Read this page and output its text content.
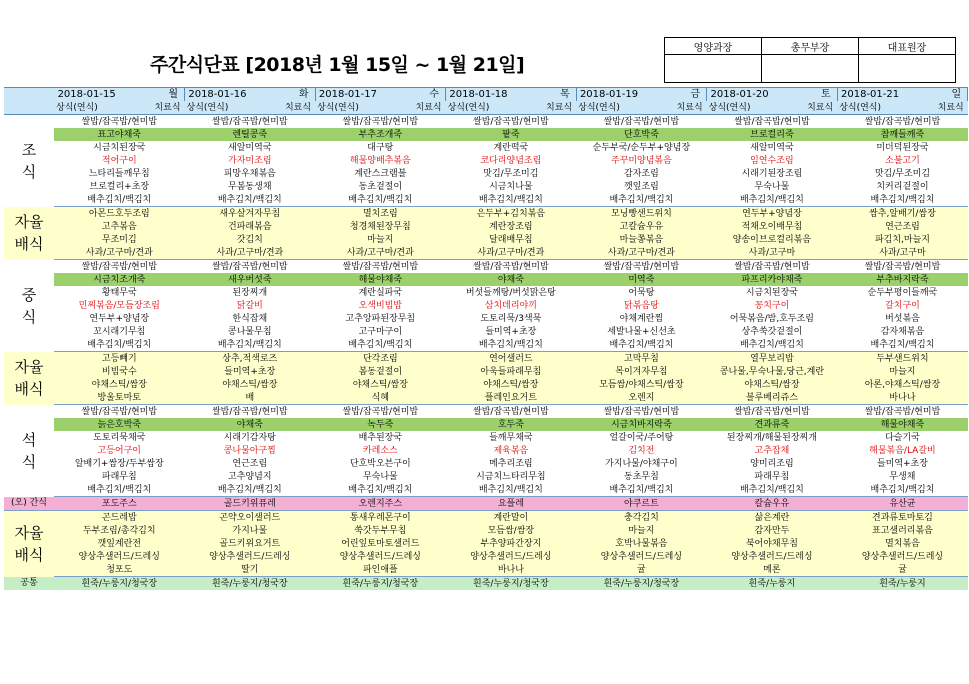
주간식단표 [2018년 1월 15일 ~ 1월 21일]
영양과장	총무부장	대표원장

	2018-01-15	월	2018-01-16	화	2018-01-17	수	2018-01-18	목	2018-01-19	금	2018-01-20	토	2018-01-21	일
	상식(연식)	치료식	상식(연식)	치료식	상식(연식)	치료식	상식(연식)	치료식	상식(연식)	치료식	상식(연식)	치료식	상식(연식)	치료식
조
식	쌀밥/잡곡밥/현미밥		쌀밥/잡곡밥/현미밥		쌀밥/잡곡밥/현미밥		쌀밥/잡곡밥/현미밥		쌀밥/잡곡밥/현미밥		쌀밥/잡곡밥/현미밥		쌀밥/잡곡밥/현미밥	
	표고야채죽		렌틸콩죽		부추조개죽		팥죽		단호박죽		브로컬리죽		참깨들깨죽	
	시금치된장국		새알미역국		대구탕		계란떡국		순두부국/순두부+양념장		새알미역국		미더덕된장국	
	적어구이		가자미조림		해물양배추볶음		코다리양념조림		주꾸미양념볶음		임연수조림		소불고기	
	느타리들깨무침		피망우채볶음		계란스크램블		맛김/무조미김		감자조림		시래기된장조림		맛김/무조미김	
	브로컬리+초장		무봄동생채		동초겉절이		시금치나물		깻잎조림		무숙나물		치커리겉절이	
	배추김치/백김치		배추김치/백김치		배추김치/백김치		배추김치/백김치		배추김치/백김치		배추김치/백김치		배추김치/백김치	
자율
배식	아몬드호두조림		새우살겨자무침		멸치조림		은두부+김치볶음		모닝빵샌드위치		연두부+양념장		쌈추,알배기/쌈장	
	고추볶음		건파래볶음		청경채된장무침		계란장조림		고칼슘우유		적채오이배무침		연근조림	
	무조미김		갓김치		마늘지		달래배무침		마늘쫑볶음		양송이브로컬리볶음		파김치,마늘지	
	사과/고구마/견과		사과/고구마/견과		사과/고구마/견과		사과/고구마/견과		사과/고구마/견과		사과/고구마		사과/고구마	
중
식	쌀밥/잡곡밥/현미밥		쌀밥/잡곡밥/현미밥		쌀밥/잡곡밥/현미밥		쌀밥/잡곡밥/현미밥		쌀밥/잡곡밥/현미밥		쌀밥/잡곡밥/현미밥		쌀밥/잡곡밥/현미밥	
	시금치조개죽		새우버섯죽		해물야채죽		야채죽		미역죽		파프리카야채죽		부추바지락죽	
	황태무국		된장찌개		계란실파국		버섯들깨탕/버섯맑은탕		어묵탕		시금치된장국		순두부평이들깨국	
	민찌볶음/모듬장조림		닭갈비		오색비빔밥		삼치데리야끼		닭볶음탕		꽁치구이		갈치구이	
	연두부+양념장		한식잡채		고추앙파된장무침		도토리묵/3색묵		야채계란찜		어묵볶음/밤,호두조림		버섯볶음	
	꼬시래기무침		콩나물무침		고구마구이		들미역+초장		세발나물+신선초		상추쑥갓겉절이		감자채볶음	
	배추김치/백김치		배추김치/백김치		배추김치/백김치		배추김치/백김치		배추김치/백김치		배추김치/백김치		배추김치/백김치	
자율
배식	고등빼기		상추,적색로즈		단각조림		연어샐러드		고막무침		열무보리밥		두부샌드위치	
	비빔국수		들미역+초장		봄동겉절이		아욱들파래무침		목이겨자무침		콩나물,무숙나물,당근,계란		마늘지	
	야채스틱/쌈장		야채스틱/쌈장		야채스틱/쌈장		야채스틱/쌈장		모듬쌈/야채스틱/쌈장		야채스틱/쌈장		아론,야채스틱/쌈장	
	방울토마토		배		식혜		플레인요거트		오렌지		블루베리쥬스		바나나	
석
식	쌀밥/잡곡밥/현미밥		쌀밥/잡곡밥/현미밥		쌀밥/잡곡밥/현미밥		쌀밥/잡곡밥/현미밥		쌀밥/잡곡밥/현미밥		쌀밥/잡곡밥/현미밥		쌀밥/잡곡밥/현미밥	
	늙은호박죽		야채죽		녹두죽		호두죽		시금치바지락죽		견과류죽		해물야채죽	
	도토리묵채국		시래기감자탕		배추된장국		들깨무채국		얼갈이국/주어탕		된장찌개/해물된장찌개		다슬기국	
	고등어구이		콩나물아구찜		카레소스		제육볶음		김치전		고추잡채		해물볶음/LA갈비	
	알배기+쌈장/두부쌈장		연근조림		단호박오븐구이		메추리조림		가지나물/야채구이		양미리조림		들미역+초장	
	파래무침		고추양념지		무숙나물		시금치느타리무침		동초무침		파래무침		무생채	
	배추김치/백김치		배추김치/백김치		배추김치/백김치		배추김치/백김치		배추김치/백김치		배추김치/백김치		배추김치/백김치	
(오) 간식	포도주스		골드키위퓨레		오렌지주스		요플레		야쿠르트		칼슘우유		유산균	
자율
배식	곤드레밥		곤약오이샐러드		통새우레몬구이		계란말이		충각김치		삶은계란		견과류토마토김	
	두부조림/총각김치		가지나물		쑥갓두부무침		모듬쌈/쌈장		마늘지		감자만두		표고샐러리볶음	
	깻잎계란전		골드키위요거트		어린잎토마토샐러드		부추양파간장지		호박나물볶음		북어야채무침		멸치볶음	
	양상추샐러드/드레싱		양상추샐러드/드레싱		양상추샐러드/드레싱		양상추샐러드/드레싱		양상추샐러드/드레싱		양상추샐러드/드레싱		양상추샐러드/드레싱	
	청포도		딸기		파인애플		바나나		귤		메론		귤	
공통	흰죽/누룽지/청국장		흰죽/누룽지/청국장		흰죽/누룽지/청국장		흰죽/누룽지/청국장		흰죽/누룽지/청국장		흰죽/누룽지		흰죽/누룽지	
